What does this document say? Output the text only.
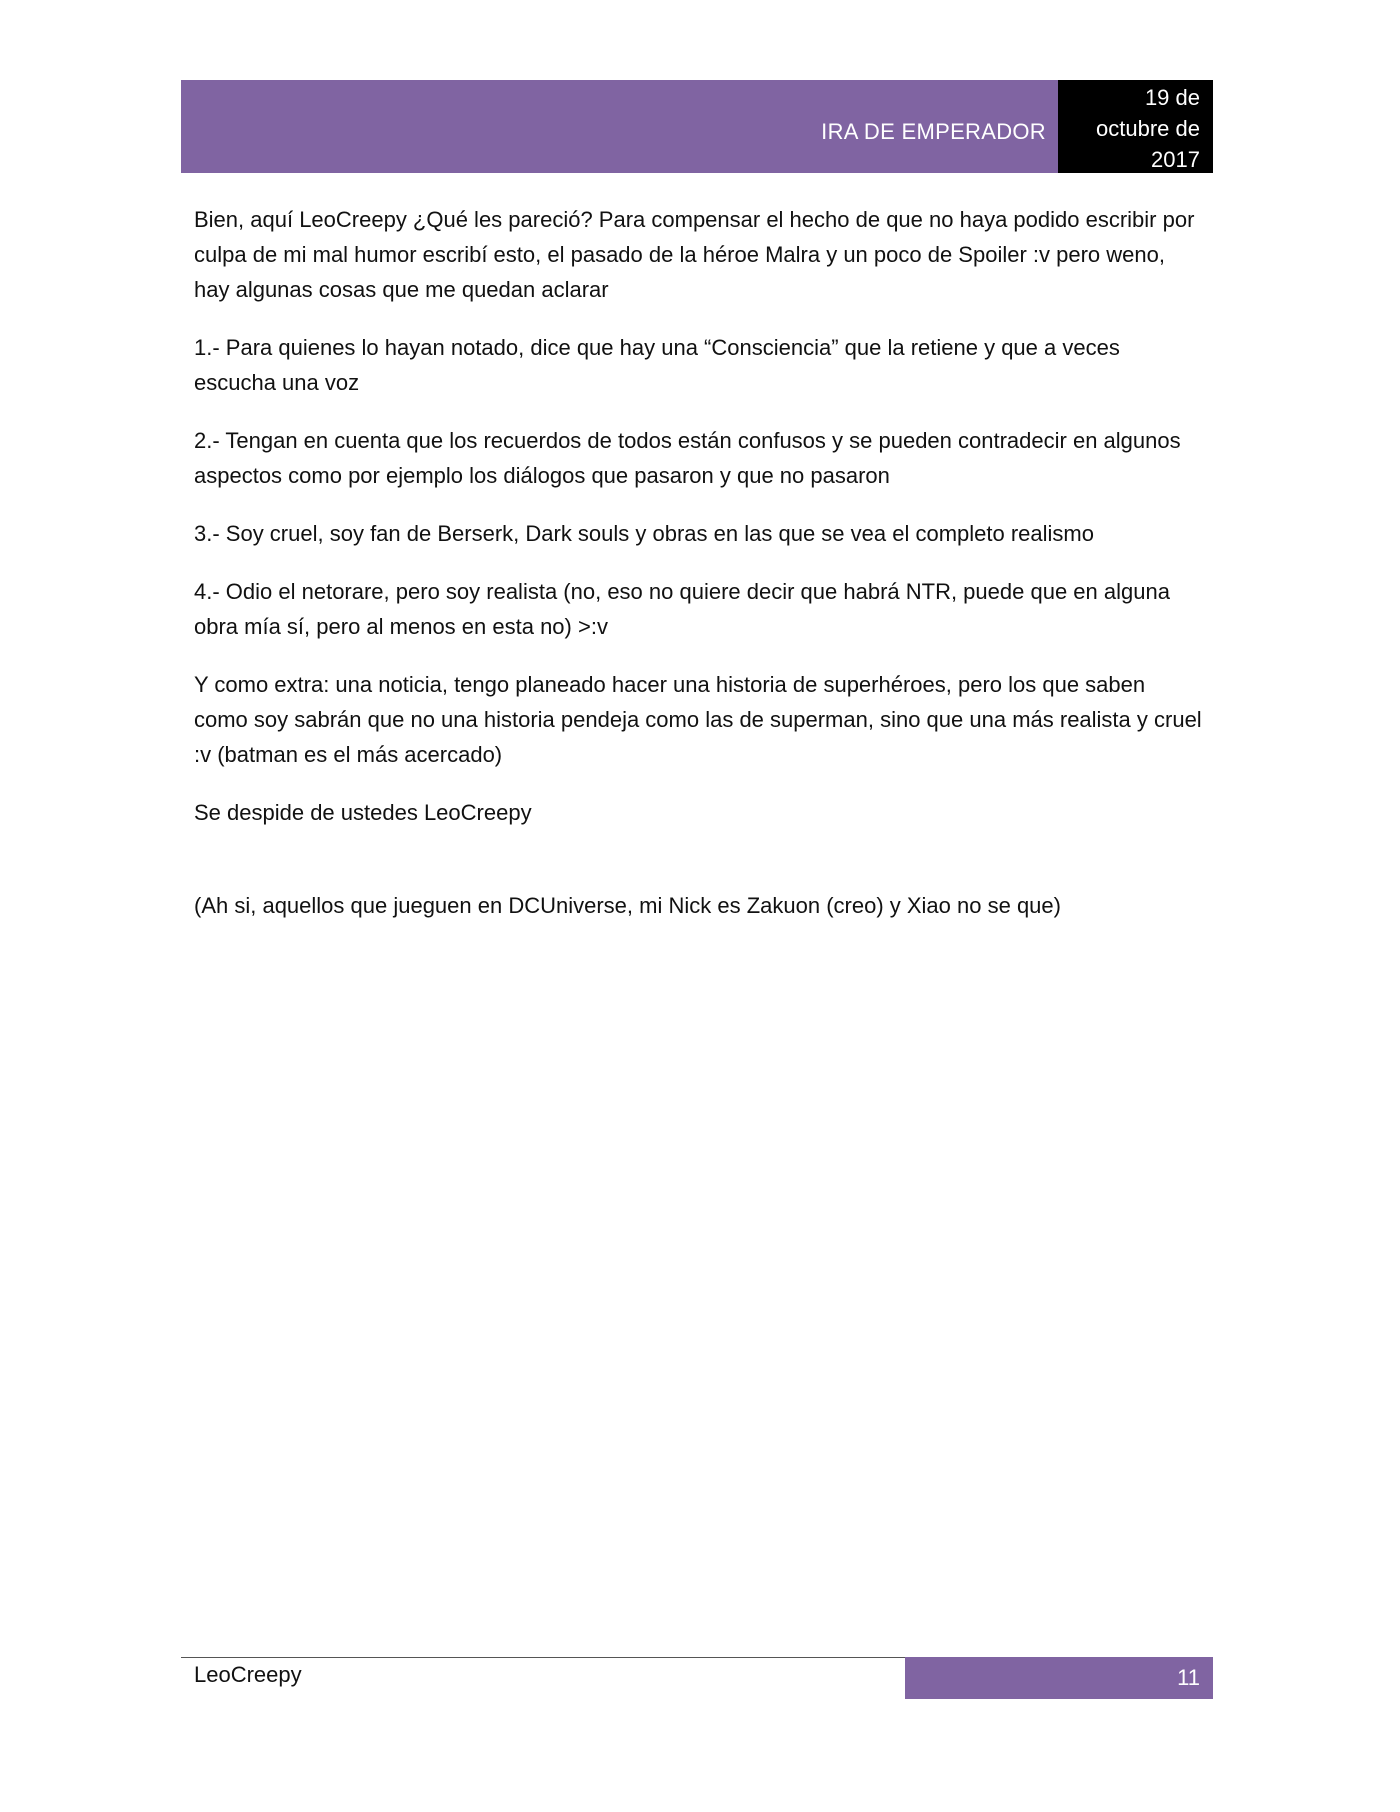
IRA DE EMPERADOR
19 de
octubre de
2017

Bien, aquí LeoCreepy ¿Qué les pareció? Para compensar el hecho de que no haya podido escribir por culpa de mi mal humor escribí esto, el pasado de la héroe Malra y un poco de Spoiler :v pero weno, hay algunas cosas que me quedan aclarar

1.- Para quienes lo hayan notado, dice que hay una “Consciencia” que la retiene y que a veces escucha una voz

2.- Tengan en cuenta que los recuerdos de todos están confusos y se pueden contradecir en algunos aspectos como por ejemplo los diálogos que pasaron y que no pasaron

3.- Soy cruel, soy fan de Berserk, Dark souls y obras en las que se vea el completo realismo

4.- Odio el netorare, pero soy realista (no, eso no quiere decir que habrá NTR, puede que en alguna obra mía sí, pero al menos en esta no) >:v

Y como extra: una noticia, tengo planeado hacer una historia de superhéroes, pero los que saben como soy sabrán que no una historia pendeja como las de superman, sino que una más realista y cruel :v (batman es el más acercado)

Se despide de ustedes LeoCreepy

(Ah si, aquellos que jueguen en DCUniverse, mi Nick es Zakuon (creo) y Xiao no se que)

LeoCreepy	11
